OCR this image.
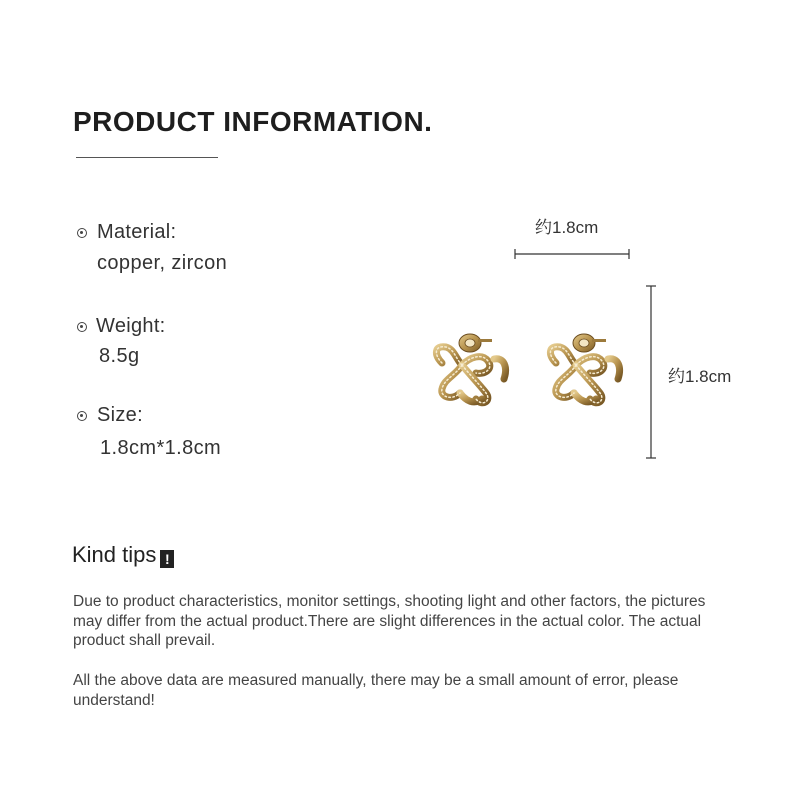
PRODUCT INFORMATION.
Material:
copper, zircon
Weight:
8.5g
Size:
1.8cm*1.8cm
约1.8cm
约1.8cm
Kind tips !
Due to product characteristics, monitor settings, shooting light and other factors, the pictures may differ from the actual product.There are slight differences in the actual color. The actual product shall prevail.
All the above data are measured manually, there may be a small amount of error, please understand!
